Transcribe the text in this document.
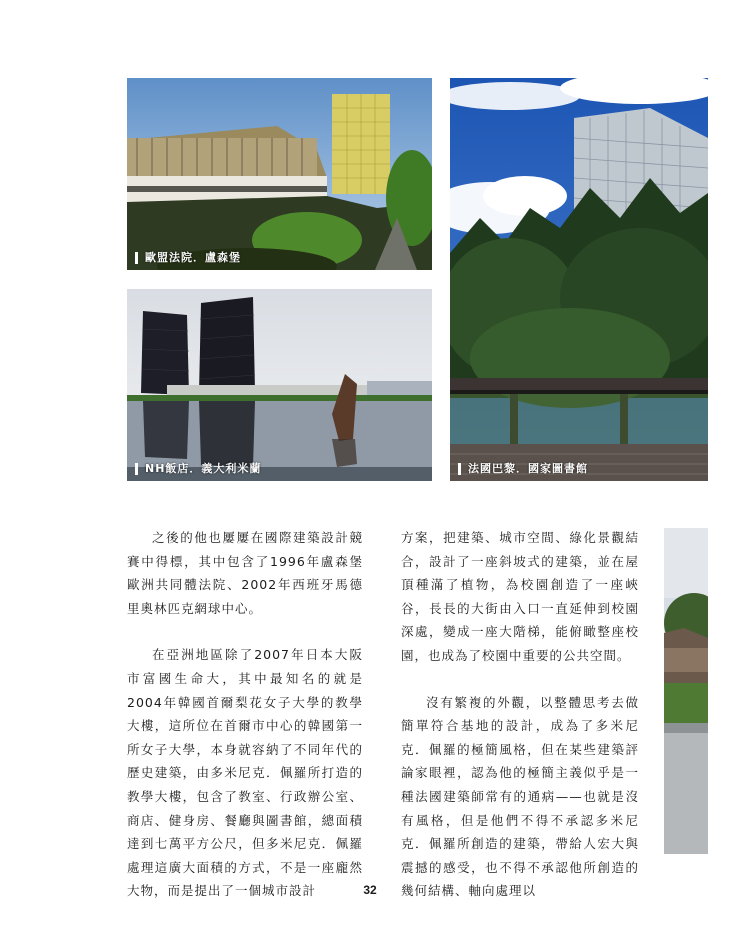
歐盟法院．盧森堡
NH飯店．義大利米蘭	法國巴黎．國家圖書館

之後的他也屢屢在國際建築設計競賽中得標，其中包含了1996年盧森堡歐洲共同體法院、2002年西班牙馬德里奧林匹克網球中心。

在亞洲地區除了2007年日本大阪市富國生命大，其中最知名的就是2004年韓國首爾梨花女子大學的教學大樓，這所位在首爾市中心的韓國第一所女子大學，本身就容納了不同年代的歷史建築，由多米尼克．佩羅所打造的教學大樓，包含了教室、行政辦公室、商店、健身房、餐廳與圖書館，總面積達到七萬平方公尺，但多米尼克．佩羅處理這廣大面積的方式，不是一座龐然大物，而是提出了一個城市設計

方案，把建築、城市空間、綠化景觀結合，設計了一座斜坡式的建築，並在屋頂種滿了植物，為校園創造了一座峽谷，長長的大街由入口一直延伸到校園深處，變成一座大階梯，能俯瞰整座校園，也成為了校園中重要的公共空間。

沒有繁複的外觀，以整體思考去做簡單符合基地的設計，成為了多米尼克．佩羅的極簡風格，但在某些建築評論家眼裡，認為他的極簡主義似乎是一種法國建築師常有的通病——也就是沒有風格，但是他們不得不承認多米尼克．佩羅所創造的建築，帶給人宏大與震撼的感受，也不得不承認他所創造的幾何結構、軸向處理以

32
